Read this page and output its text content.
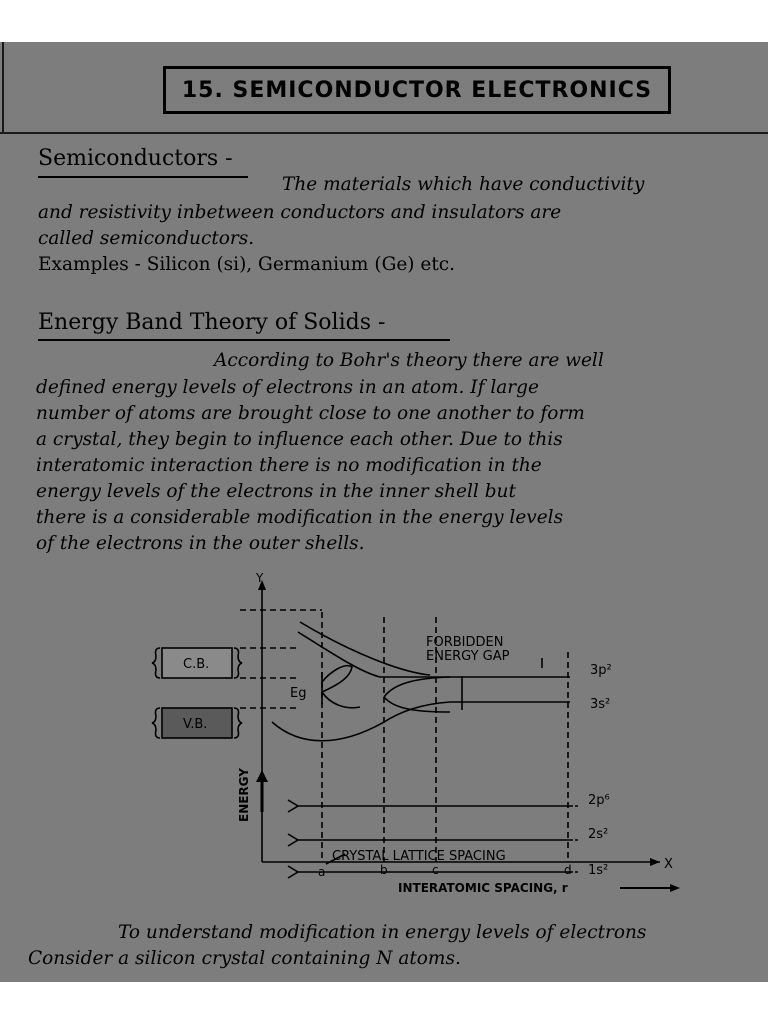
15. SEMICONDUCTOR ELECTRONICS
Semiconductors -
The materials which have conductivity
and resistivity inbetween conductors and insulators are
called semiconductors.
Examples - Silicon (si), Germanium (Ge) etc.
Energy Band Theory of Solids -
According to Bohr's theory there are well
defined energy levels of electrons in an atom. If large
number of atoms are brought close to one another to form
a crystal, they begin to influence each other. Due to this
interatomic interaction there is no modification in the
energy levels of the electrons in the inner shell but
there is a considerable modification in the energy levels
of the electrons in the outer shells.
Y
X
C.B.
V.B.
Eg
FORBIDDEN
ENERGY GAP
ENERGY
CRYSTAL LATTICE SPACING
INTERATOMIC SPACING, r
a	b	c	d
3p²
3s²
2p⁶
2s²
1s²
To understand modification in energy levels of electrons
Consider a silicon crystal containing N atoms.
